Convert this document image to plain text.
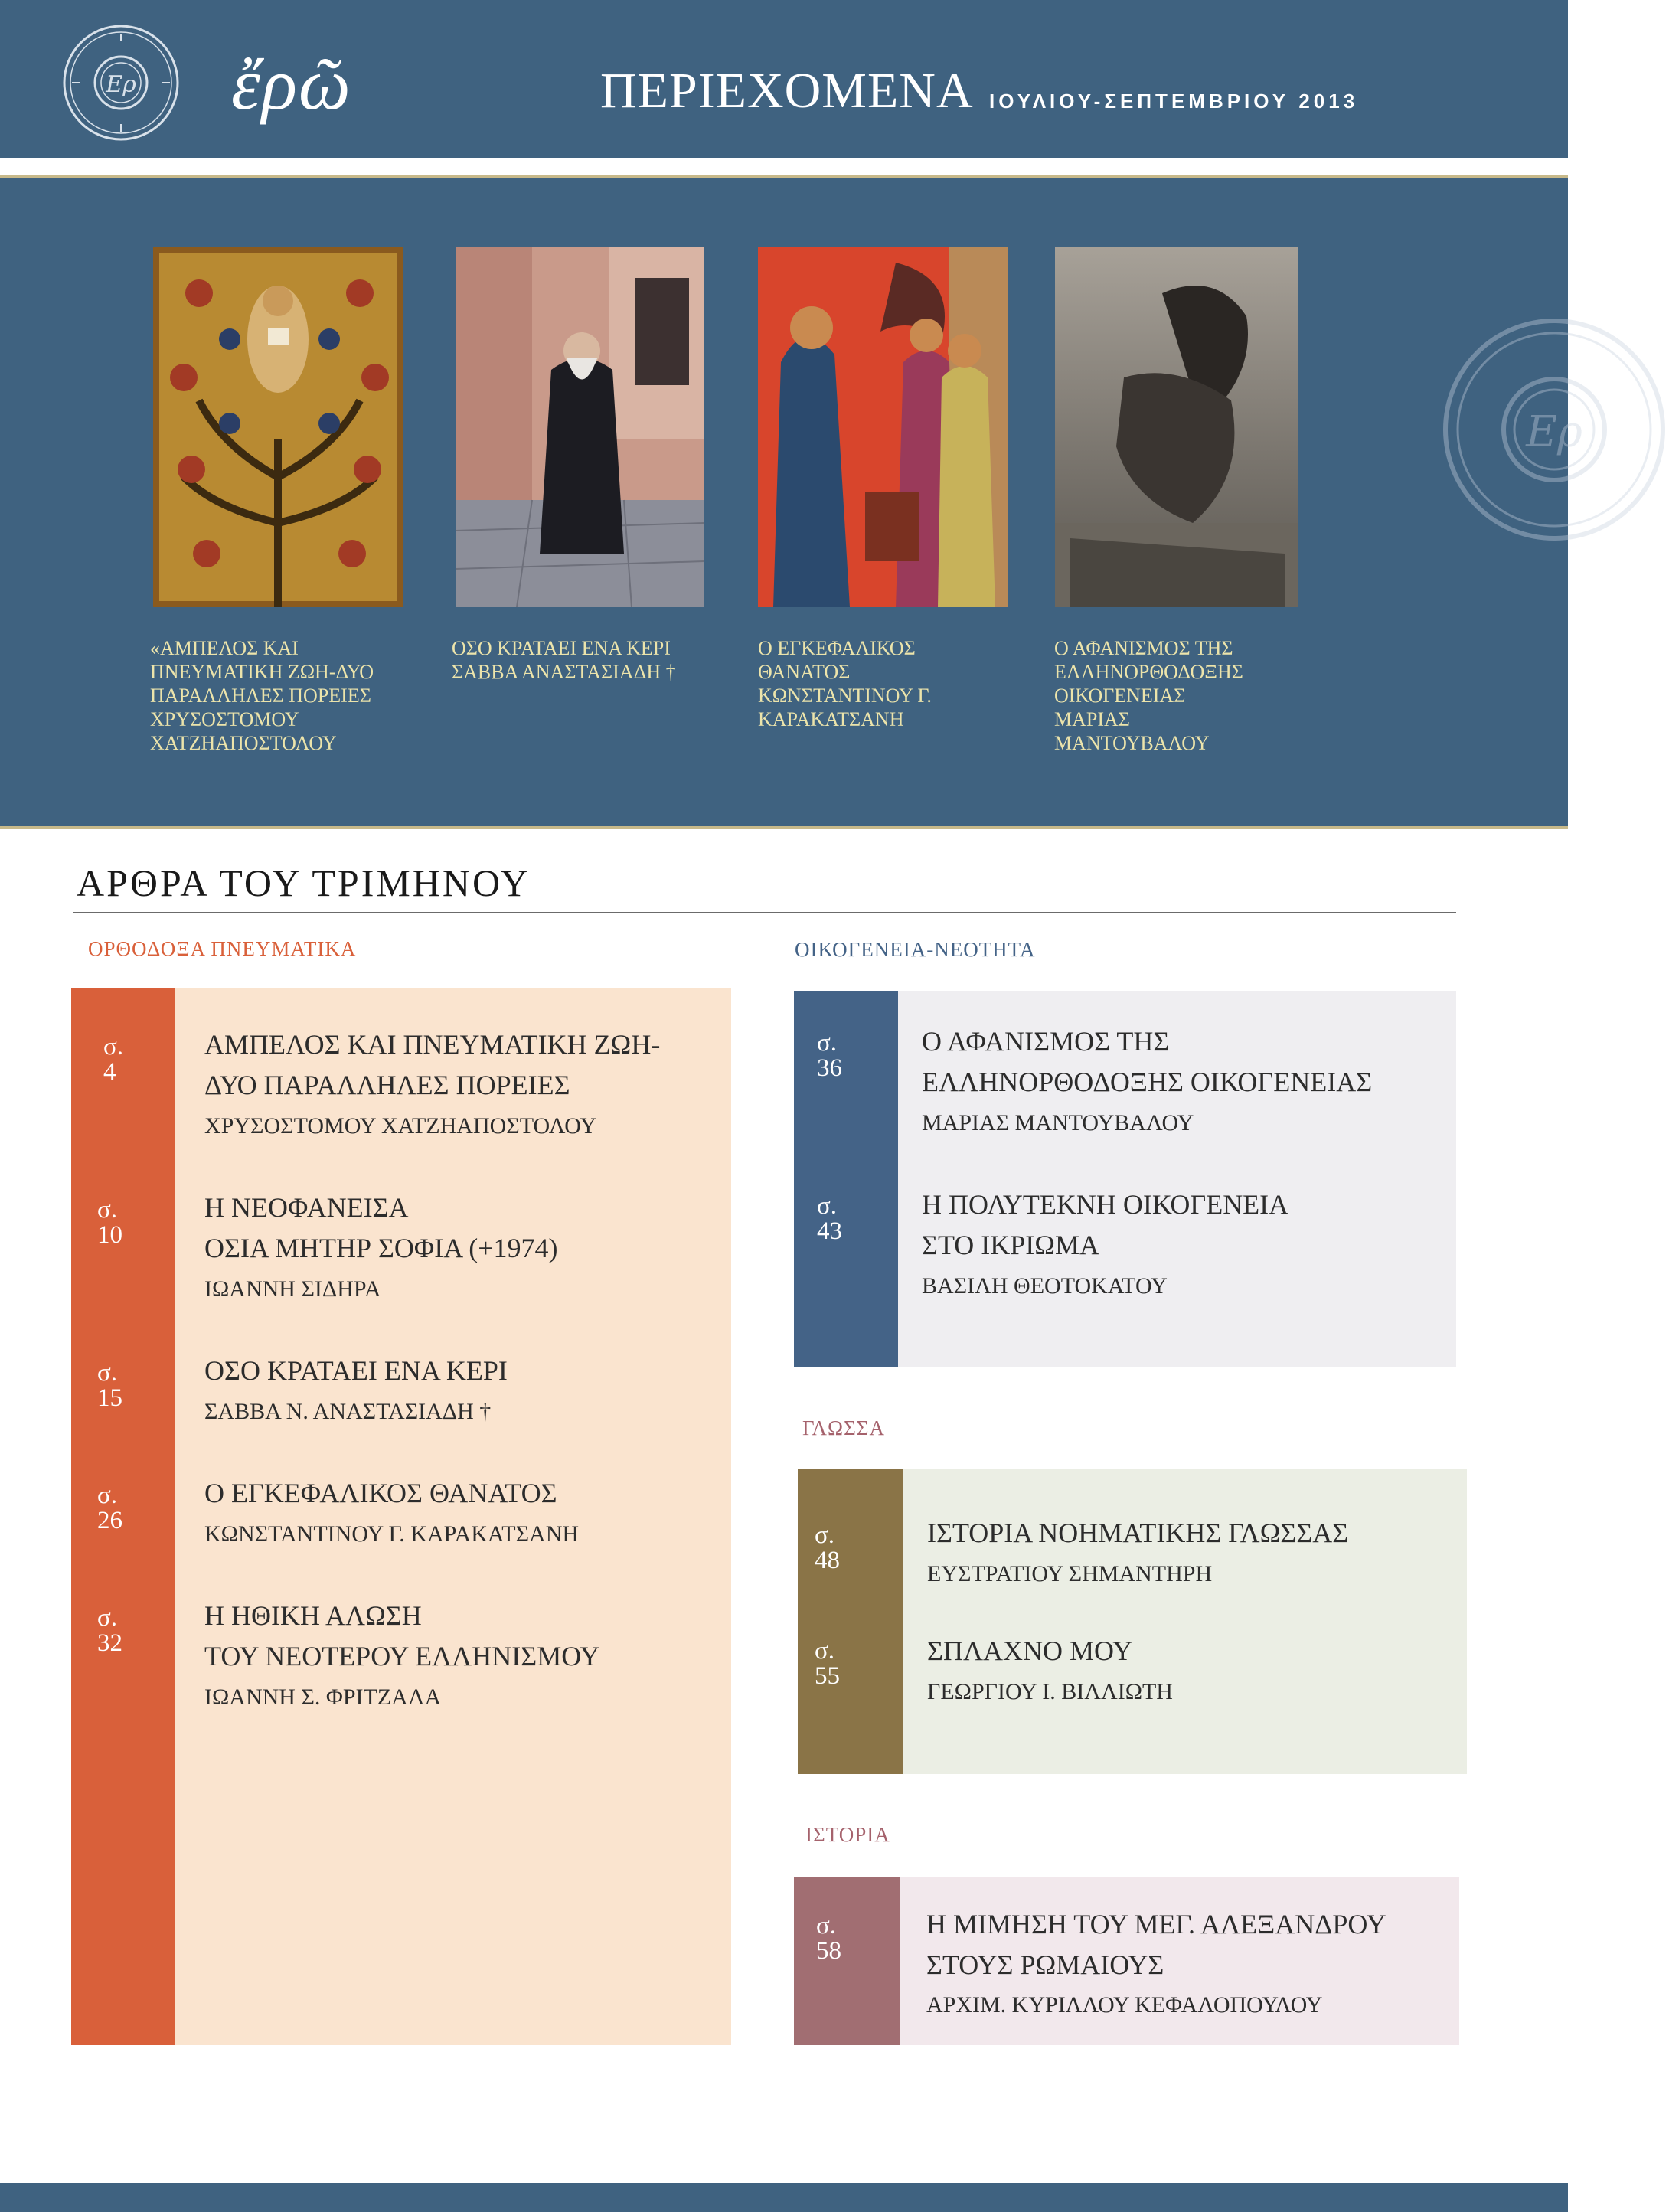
Ερ ἔρῶ	ΠΕΡΙΕΧΟΜΕΝΑ ΙΟΥΛΙΟΥ-ΣΕΠΤΕΜΒΡΙΟΥ 2013
Ερ
«ΑΜΠΕΛΟΣ ΚΑΙ
ΠΝΕΥΜΑΤΙΚΗ ΖΩΗ-ΔΥΟ
ΠΑΡΑΛΛΗΛΕΣ ΠΟΡΕΙΕΣ
ΧΡΥΣΟΣΤΟΜΟΥ
ΧΑΤΖΗΑΠΟΣΤΟΛΟΥ
ΟΣΟ ΚΡΑΤΑΕΙ ΕΝΑ ΚΕΡΙ
ΣΑΒΒΑ ΑΝΑΣΤΑΣΙΑΔΗ †
Ο ΕΓΚΕΦΑΛΙΚΟΣ
ΘΑΝΑΤΟΣ
ΚΩΝΣΤΑΝΤΙΝΟΥ Γ.
ΚΑΡΑΚΑΤΣΑΝΗ
Ο ΑΦΑΝΙΣΜΟΣ ΤΗΣ
ΕΛΛΗΝΟΡΘΟΔΟΞΗΣ
ΟΙΚΟΓΕΝΕΙΑΣ
ΜΑΡΙΑΣ
ΜΑΝΤΟΥΒΑΛΟΥ
ΑΡΘΡΑ ΤΟΥ ΤΡΙΜΗΝΟΥ
ΟΡΘΟΔΟΞΑ ΠΝΕΥΜΑΤΙΚΑ
σ. 4
ΑΜΠΕΛΟΣ ΚΑΙ ΠΝΕΥΜΑΤΙΚΗ ΖΩΗ-
ΔΥΟ ΠΑΡΑΛΛΗΛΕΣ ΠΟΡΕΙΕΣ
ΧΡΥΣΟΣΤΟΜΟΥ ΧΑΤΖΗΑΠΟΣΤΟΛΟΥ
σ. 10
Η ΝΕΟΦΑΝΕΙΣΑ
ΟΣΙΑ ΜΗΤΗΡ ΣΟΦΙΑ (+1974)
ΙΩΑΝΝΗ ΣΙΔΗΡΑ
σ. 15
ΟΣΟ ΚΡΑΤΑΕΙ ΕΝΑ ΚΕΡΙ
ΣΑΒΒΑ Ν. ΑΝΑΣΤΑΣΙΑΔΗ †
σ. 26
Ο ΕΓΚΕΦΑΛΙΚΟΣ ΘΑΝΑΤΟΣ
ΚΩΝΣΤΑΝΤΙΝΟΥ Γ. ΚΑΡΑΚΑΤΣΑΝΗ
σ. 32
Η ΗΘΙΚΗ ΑΛΩΣΗ
ΤΟΥ ΝΕΟΤΕΡΟΥ ΕΛΛΗΝΙΣΜΟΥ
ΙΩΑΝΝΗ Σ. ΦΡΙΤΖΑΛΑ
ΟΙΚΟΓΕΝΕΙΑ-ΝΕΟΤΗΤΑ
σ. 36
Ο ΑΦΑΝΙΣΜΟΣ ΤΗΣ
ΕΛΛΗΝΟΡΘΟΔΟΞΗΣ ΟΙΚΟΓΕΝΕΙΑΣ
ΜΑΡΙΑΣ ΜΑΝΤΟΥΒΑΛΟΥ
σ. 43
Η ΠΟΛΥΤΕΚΝΗ ΟΙΚΟΓΕΝΕΙΑ
ΣΤΟ ΙΚΡΙΩΜΑ
ΒΑΣΙΛΗ ΘΕΟΤΟΚΑΤΟΥ
ΓΛΩΣΣΑ
σ. 48
ΙΣΤΟΡΙΑ ΝΟΗΜΑΤΙΚΗΣ ΓΛΩΣΣΑΣ
ΕΥΣΤΡΑΤΙΟΥ ΣΗΜΑΝΤΗΡΗ
σ. 55
ΣΠΛΑΧΝΟ ΜΟΥ
ΓΕΩΡΓΙΟΥ Ι. ΒΙΛΛΙΩΤΗ
ΙΣΤΟΡΙΑ
σ. 58
Η ΜΙΜΗΣΗ ΤΟΥ ΜΕΓ. ΑΛΕΞΑΝΔΡΟΥ
ΣΤΟΥΣ ΡΩΜΑΙΟΥΣ
ΑΡΧΙΜ. ΚΥΡΙΛΛΟΥ ΚΕΦΑΛΟΠΟΥΛΟΥ
